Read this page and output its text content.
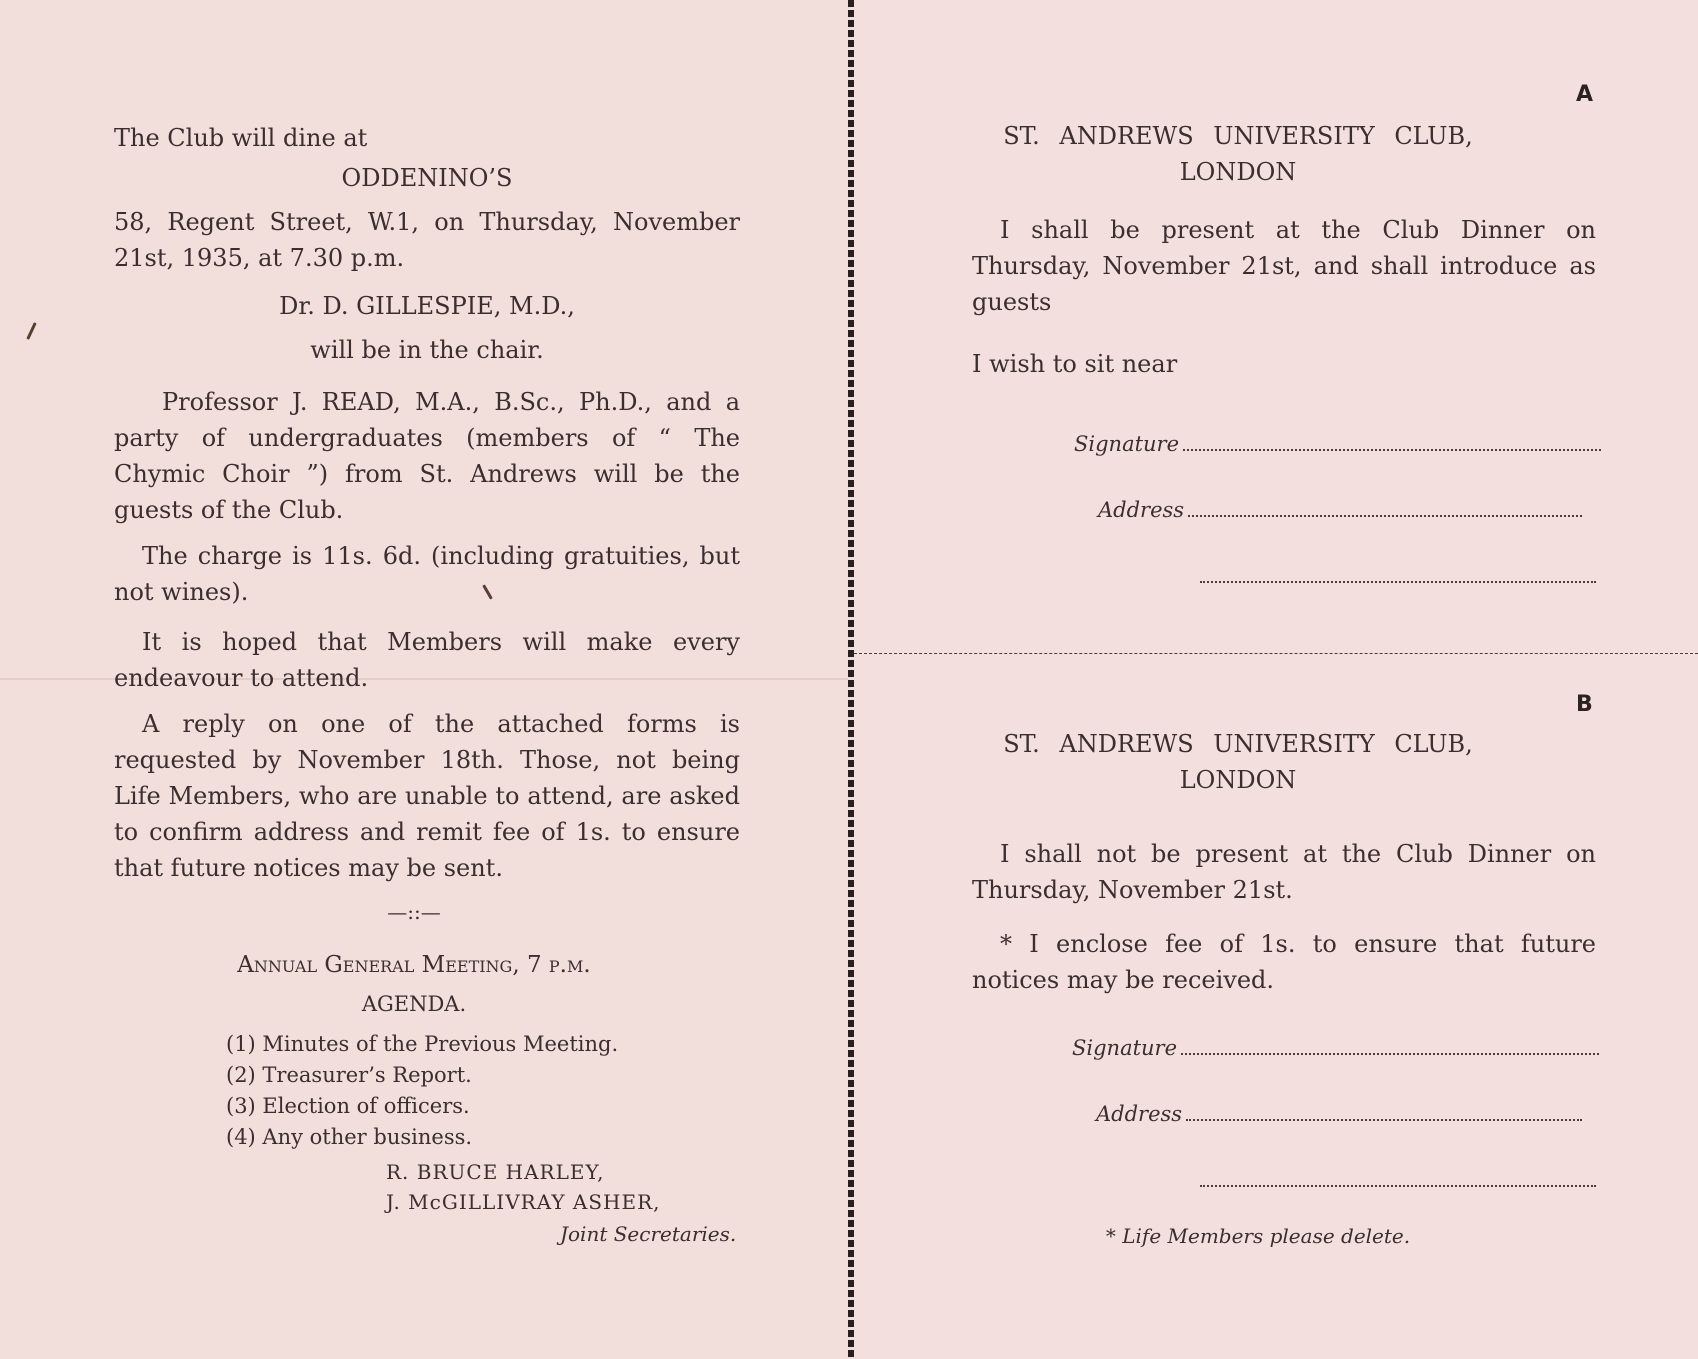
The Club will dine at

ODDENINO’S

58, Regent Street, W.1, on Thursday, November 21st, 1935, at 7.30 p.m.

Dr. D. GILLESPIE, M.D.,

will be in the chair.

Professor J. READ, M.A., B.Sc., Ph.D., and a party of undergraduates (members of “ The Chymic Choir ”) from St. Andrews will be the guests of the Club.

The charge is 11s. 6d. (including gratuities, but not wines).

It is hoped that Members will make every endeavour to attend.

A reply on one of the attached forms is requested by November 18th. Those, not being Life Members, who are unable to attend, are asked to confirm address and remit fee of 1s. to ensure that future notices may be sent.

—::—

Annual General Meeting, 7 p.m.

AGENDA.

(1) Minutes of the Previous Meeting.

(2) Treasurer’s Report.

(3) Election of officers.

(4) Any other business.

R. BRUCE HARLEY,

J. McGILLIVRAY ASHER,

Joint Secretaries.

A

ST. ANDREWS UNIVERSITY CLUB,

LONDON

I shall be present at the Club Dinner on Thursday, November 21st, and shall introduce as guests

I wish to sit near

Signature
Address
B

ST. ANDREWS UNIVERSITY CLUB,

LONDON

I shall not be present at the Club Dinner on Thursday, November 21st.

* I enclose fee of 1s. to ensure that future notices may be received.

Signature
Address

* Life Members please delete.
